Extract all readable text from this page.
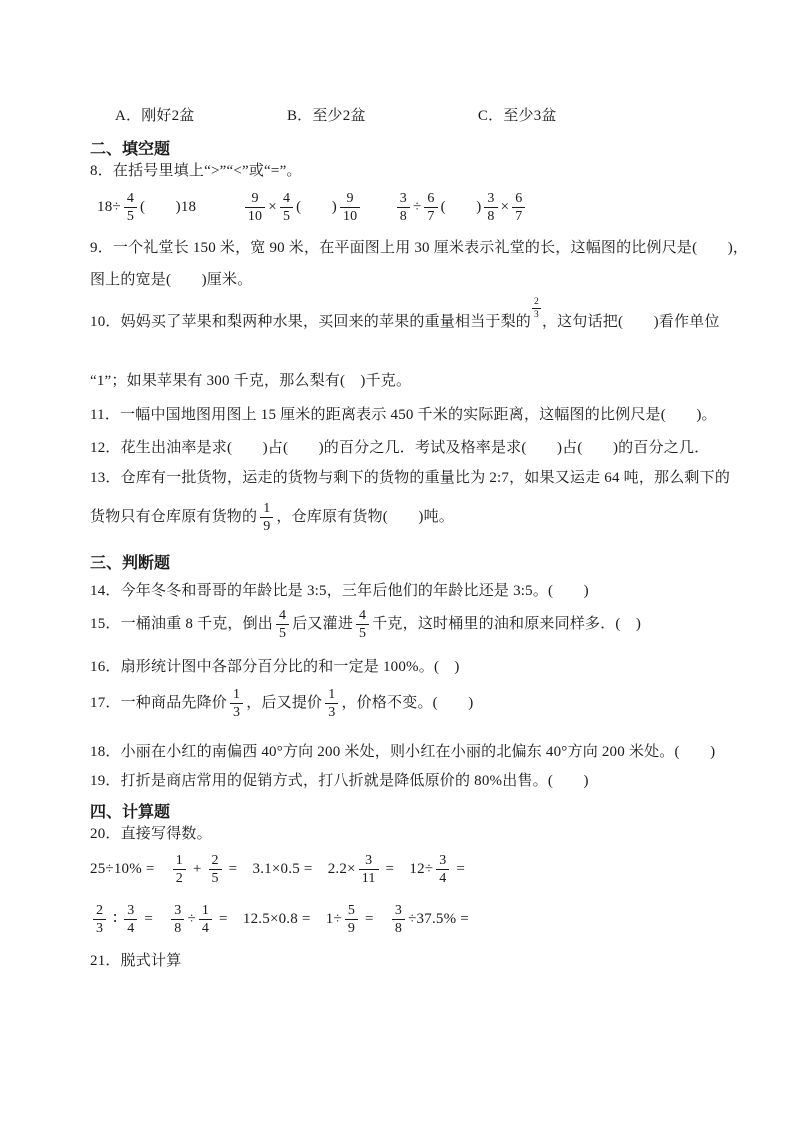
A．刚好2盆	B．至少2盆	C．至少3盆
二、填空题
8．在括号里填上“>”“<”或“=”。
$18\div \frac{4}{5}$ (　　)18　　　	$\frac{9}{10} \times \frac{4}{5}$ (　　) $\frac{9}{10}$
　　	$\frac{3}{8} \div \frac{6}{7}$ (　　) $\frac{3}{8} \times \frac{6}{7}$
9．一个礼堂长 150 米，宽 90 米，在平面图上用 30 厘米表示礼堂的长，这幅图的比例尺是(　　)，
图上的宽是(　　)厘米。
10．妈妈买了苹果和梨两种水果，买回来的苹果的重量相当于梨的
$\frac{2}{3}$
，这句话把(　　)看作单位
“1”；如果苹果有 300 千克，那么梨有(　)千克。
11．一幅中国地图用图上 15 厘米的距离表示 450 千米的实际距离，这幅图的比例尺是(　　)。
12．花生出油率是求(　　)占(　　)的百分之几．考试及格率是求(　　)占(　　)的百分之几．
13．仓库有一批货物，运走的货物与剩下的货物的重量比为 2:7，如果又运走 64 吨，那么剩下的
货物只有仓库原有货物的 $\frac{1}{9}$ ，仓库原有货物(　　)吨。
三、判断题
14．今年冬冬和哥哥的年龄比是 3:5，三年后他们的年龄比还是 3:5。(　　)
15．一桶油重 8 千克，倒出 $\frac{4}{5}$ 后又灌进 $\frac{4}{5}$ 千克，这时桶里的油和原来同样多．(　)
16．扇形统计图中各部分百分比的和一定是 100%。(　)
17．一种商品先降价 $\frac{1}{3}$ ，后又提价 $\frac{1}{3}$ ，价格不变。(　　)
18．小丽在小红的南偏西 40°方向 200 米处，则小红在小丽的北偏东 40°方向 200 米处。(　　)
19．打折是商店常用的促销方式，打八折就是降低原价的 80%出售。(　　)
四、计算题
20．直接写得数。
25÷10% =　 $\frac{1}{2} + \frac{2}{5}$ =　3.1×0.5 =　$2.2\times \frac{3}{11}$ =　$12\div \frac{3}{4}$ =
$\frac{2}{3}$ ∶ $\frac{3}{4}$ =　 $\frac{3}{8} \div \frac{1}{4}$ =　12.5×0.8 =　$1\div \frac{5}{9}$ =　 $\frac{3}{8} \div 37.5\%$ =
21．脱式计算
